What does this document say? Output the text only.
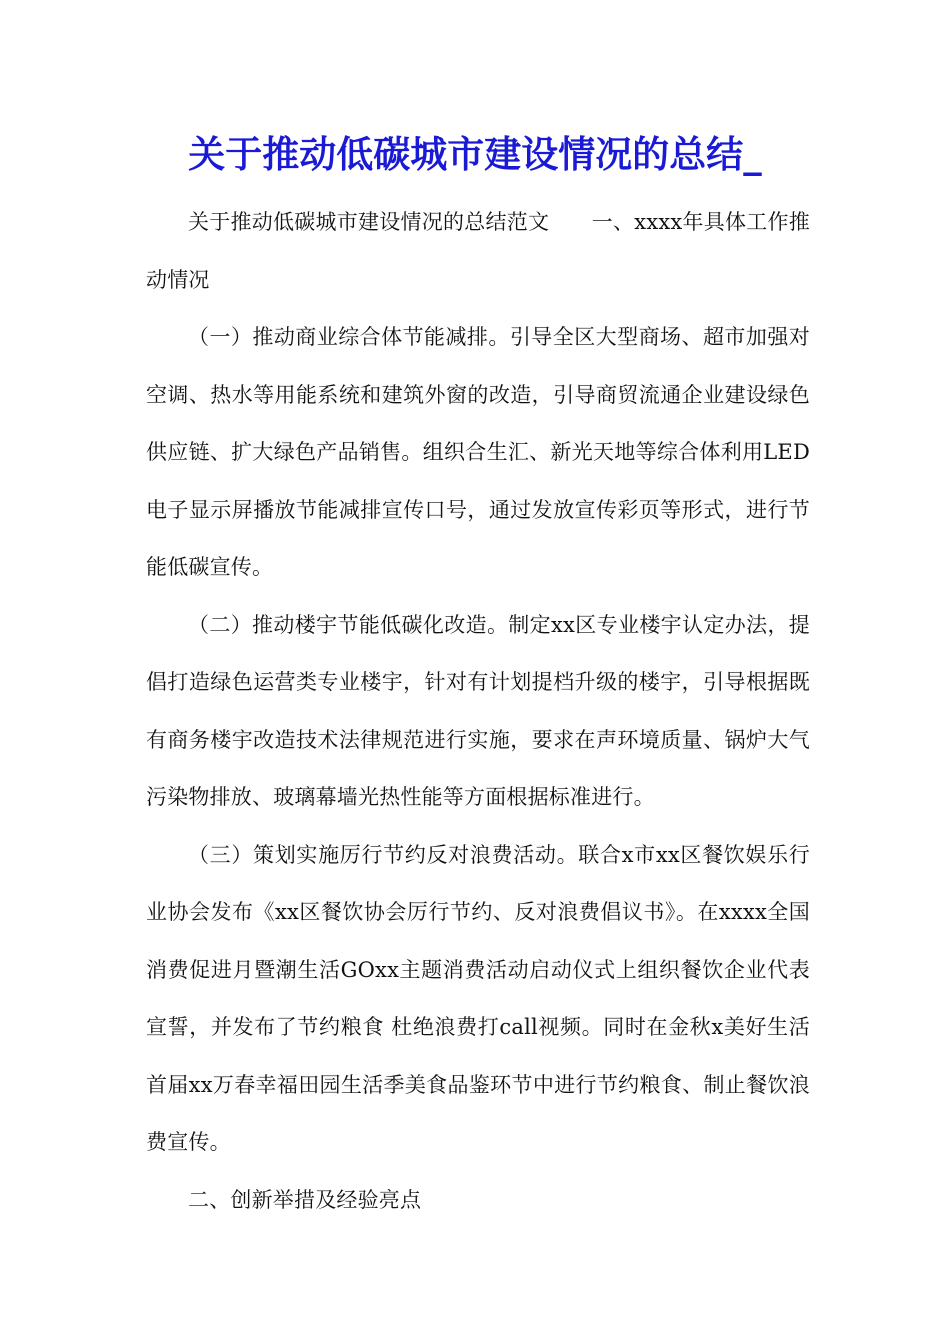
关于推动低碳城市建设情况的总结_

关于推动低碳城市建设情况的总结范文　　一、xxxx年具体工作推动情况

（一）推动商业综合体节能减排。引导全区大型商场、超市加强对空调、热水等用能系统和建筑外窗的改造，引导商贸流通企业建设绿色供应链、扩大绿色产品销售。组织合生汇、新光天地等综合体利用LED电子显示屏播放节能减排宣传口号，通过发放宣传彩页等形式，进行节能低碳宣传。

（二）推动楼宇节能低碳化改造。制定xx区专业楼宇认定办法，提倡打造绿色运营类专业楼宇，针对有计划提档升级的楼宇，引导根据既有商务楼宇改造技术法律规范进行实施，要求在声环境质量、锅炉大气污染物排放、玻璃幕墙光热性能等方面根据标准进行。

（三）策划实施厉行节约反对浪费活动。联合x市xx区餐饮娱乐行业协会发布《xx区餐饮协会厉行节约、反对浪费倡议书》。在xxxx全国消费促进月暨潮生活GOxx主题消费活动启动仪式上组织餐饮企业代表宣誓，并发布了节约粮食 杜绝浪费打call视频。同时在金秋x美好生活首届xx万春幸福田园生活季美食品鉴环节中进行节约粮食、制止餐饮浪费宣传。

二、创新举措及经验亮点
